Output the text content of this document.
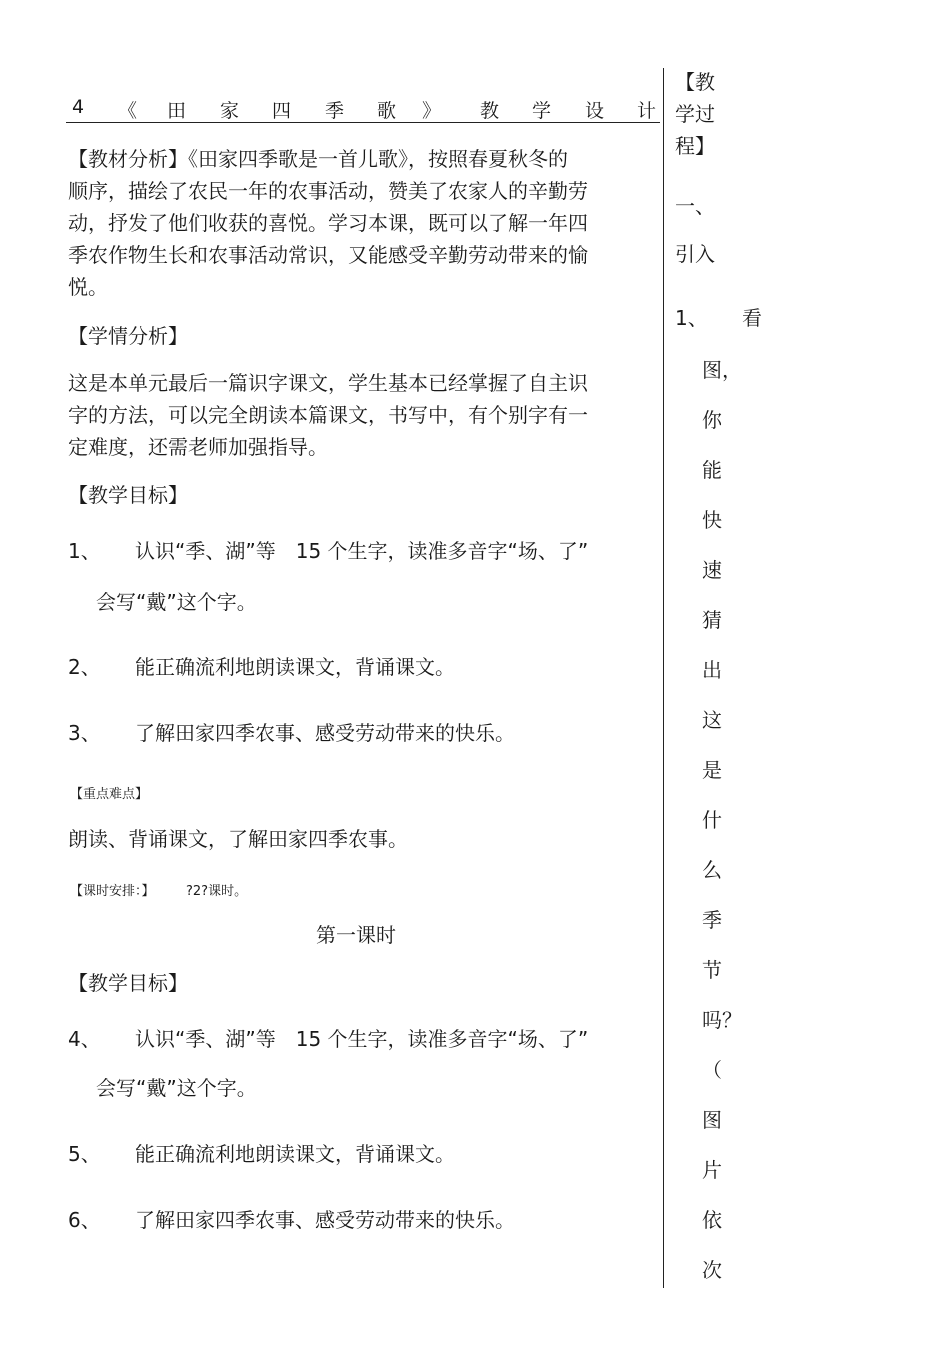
4 《 田 家 四 季 歌 》 教 学 设 计
【教材分析】《田家四季歌是一首儿歌》，按照春夏秋冬的
顺序，描绘了农民一年的农事活动，赞美了农家人的辛勤劳
动，抒发了他们收获的喜悦。学习本课，既可以了解一年四
季农作物生长和农事活动常识，又能感受辛勤劳动带来的愉
悦。
【学情分析】
这是本单元最后一篇识字课文，学生基本已经掌握了自主识
字的方法，可以完全朗读本篇课文，书写中，有个别字有一
定难度，还需老师加强指导。
【教学目标】
1、 认识“季、湖”等　15 个生字，读准多音字“场、了”
会写“戴”这个字。
2、 能正确流利地朗读课文，背诵课文。
3、 了解田家四季农事、感受劳动带来的快乐。
【重点难点】
朗读、背诵课文，了解田家四季农事。
【课时安排：】 ?2?课时。
第一课时
【教学目标】
4、 认识“季、湖”等　15 个生字，读准多音字“场、了”
会写“戴”这个字。
5、 能正确流利地朗读课文，背诵课文。
6、 了解田家四季农事、感受劳动带来的快乐。
【教
学过
程】
一、
引入
1、 看
图，
你
能
快
速
猜
出
这
是
什
么
季
节
吗？
（
图
片
依
次
